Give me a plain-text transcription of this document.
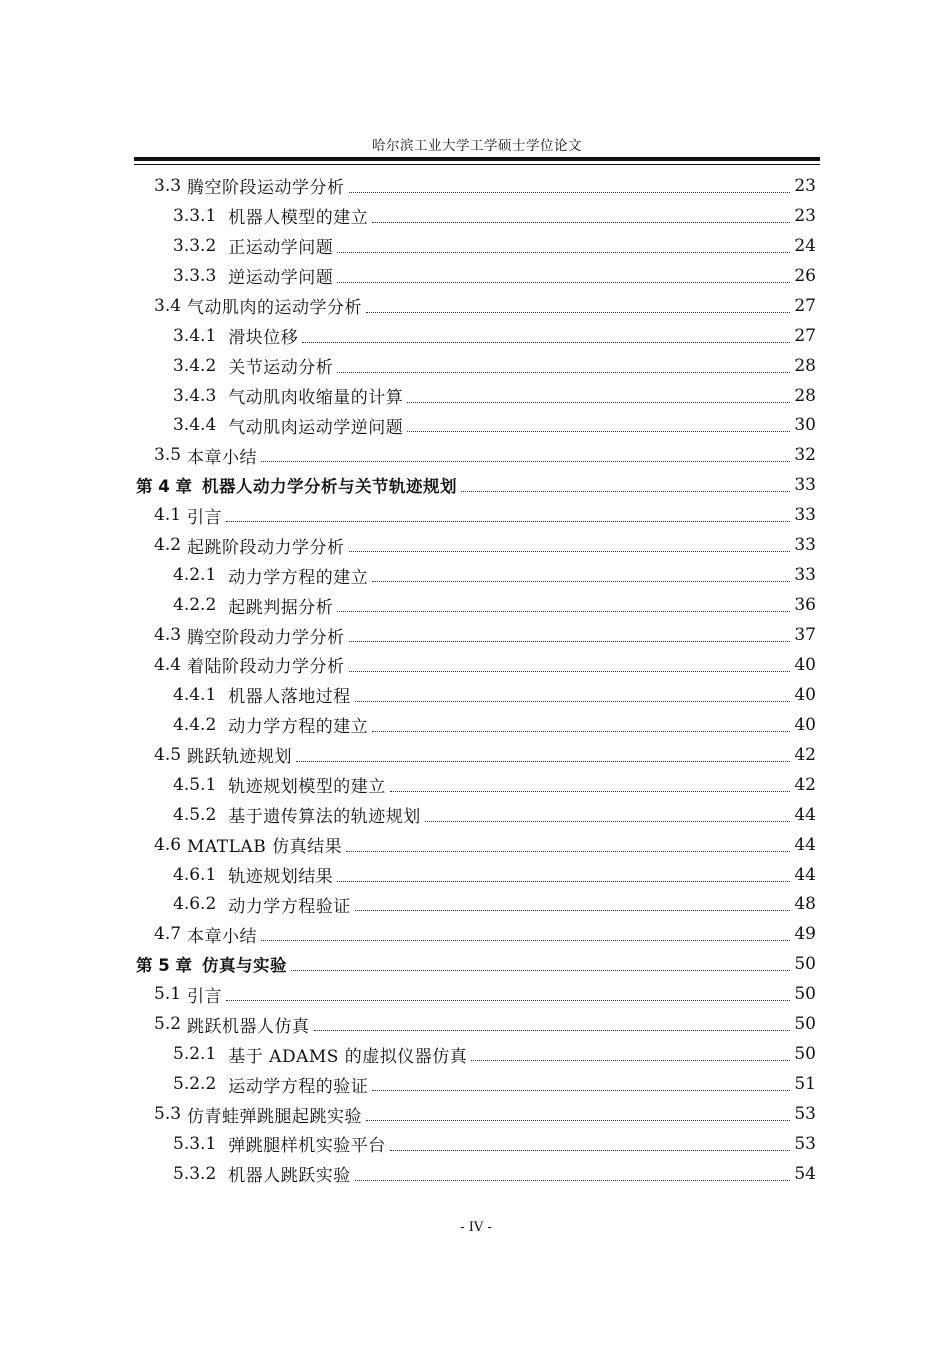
哈尔滨工业大学工学硕士学位论文
3.3 腾空阶段运动学分析	23
3.3.1 机器人模型的建立	23
3.3.2 正运动学问题	24
3.3.3 逆运动学问题	26
3.4 气动肌肉的运动学分析	27
3.4.1 滑块位移	27
3.4.2 关节运动分析	28
3.4.3 气动肌肉收缩量的计算	28
3.4.4 气动肌肉运动学逆问题	30
3.5 本章小结	32
第 4 章 机器人动力学分析与关节轨迹规划	33
4.1 引言	33
4.2 起跳阶段动力学分析	33
4.2.1 动力学方程的建立	33
4.2.2 起跳判据分析	36
4.3 腾空阶段动力学分析	37
4.4 着陆阶段动力学分析	40
4.4.1 机器人落地过程	40
4.4.2 动力学方程的建立	40
4.5 跳跃轨迹规划	42
4.5.1 轨迹规划模型的建立	42
4.5.2 基于遗传算法的轨迹规划	44
4.6 MATLAB 仿真结果	44
4.6.1 轨迹规划结果	44
4.6.2 动力学方程验证	48
4.7 本章小结	49
第 5 章 仿真与实验	50
5.1 引言	50
5.2 跳跃机器人仿真	50
5.2.1 基于 ADAMS 的虚拟仪器仿真	50
5.2.2 运动学方程的验证	51
5.3 仿青蛙弹跳腿起跳实验	53
5.3.1 弹跳腿样机实验平台	53
5.3.2 机器人跳跃实验	54
- IV -
